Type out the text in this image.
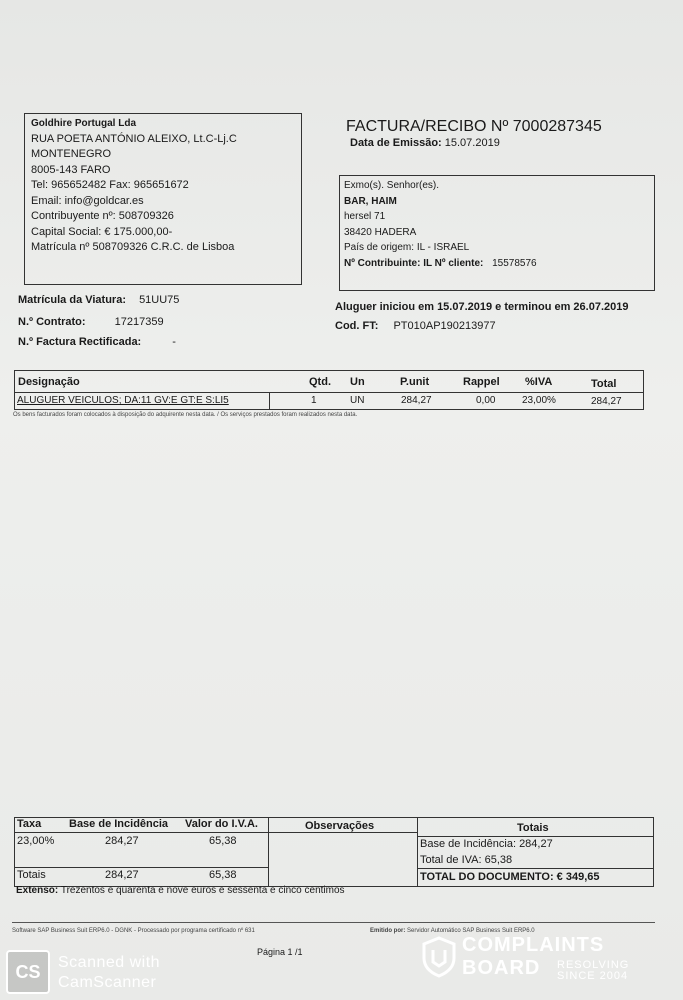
Goldhire Portugal Lda
RUA POETA ANTÓNIO ALEIXO, Lt.C-Lj.C
MONTENEGRO
8005-143 FARO
Tel: 965652482 Fax: 965651672
Email: info@goldcar.es
Contribuyente nº: 508709326
Capital Social: € 175.000,00-
Matrícula nº 508709326 C.R.C. de Lisboa
FACTURA/RECIBO Nº 7000287345
Data de Emissão: 15.07.2019
Exmo(s). Senhor(es).
BAR, HAIM
hersel 71
38420 HADERA
País de origem: IL - ISRAEL
Nº Contribuinte: IL Nº cliente: 15578576
Matrícula da Viatura: 51UU75
N.º Contrato:	17217359
N.º Factura Rectificada:	-
Aluguer iniciou em 15.07.2019 e terminou em 26.07.2019
Cod. FT: PT010AP190213977
Designação	Qtd. Un	P.unit	Rappel %IVA	Total
ALUGUER VEICULOS; DA:11 GV:E GT:E S:LI5	1	UN	284,27	0,00	23,00%	284,27
Os bens facturados foram colocados à disposição do adquirente nesta data. / Os serviços prestados foram realizados nesta data.
Taxa	Base de Incidência Valor do I.V.A.	Observações	Totais
23,00%	284,27	65,38
Totais	284,27	65,38
Base de Incidência: 284,27
Total de IVA: 65,38
TOTAL DO DOCUMENTO: € 349,65
Extenso: Trezentos e quarenta e nove euros e sessenta e cinco centimos
Software SAP Business Suit ERP6.0 - DGNK - Processado por programa certificado nº 631	Emitido por: Servidor Automático SAP Business Suit ERP6.0
Página 1 /1
CS	Scanned with
CamScanner
COMPLAINTS
BOARD RESOLVING
SINCE 2004
